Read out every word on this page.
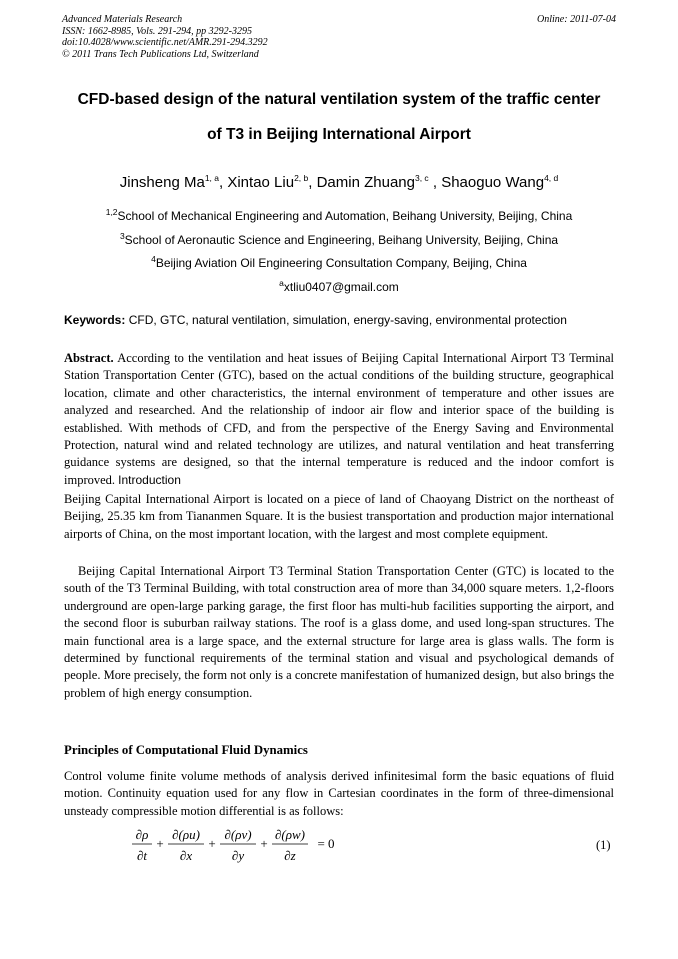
Advanced Materials Research
ISSN: 1662-8985, Vols. 291-294, pp 3292-3295
doi:10.4028/www.scientific.net/AMR.291-294.3292
© 2011 Trans Tech Publications Ltd, Switzerland
Online: 2011-07-04
CFD-based design of the natural ventilation system of the traffic center
of T3 in Beijing International Airport
Jinsheng Ma$^{1, a}$, Xintao Liu$^{2, b}$, Damin Zhuang$^{3, c}$ , Shaoguo Wang$^{4, d}$
$^{1,2}$School of Mechanical Engineering and Automation, Beihang University, Beijing, China
$^3$School of Aeronautic Science and Engineering, Beihang University, Beijing, China
$^4$Beijing Aviation Oil Engineering Consultation Company, Beijing, China
$^a$xtliu0407@gmail.com
Keywords: CFD, GTC, natural ventilation, simulation, energy-saving, environmental protection
Abstract. According to the ventilation and heat issues of Beijing Capital International Airport T3 Terminal Station Transportation Center (GTC), based on the actual conditions of the building structure, geographical location, climate and other characteristics, the internal environment of temperature and other issues are analyzed and researched. And the relationship of indoor air flow and interior space of the building is established. With methods of CFD, and from the perspective of the Energy Saving and Environmental Protection, natural wind and related technology are utilizes, and natural ventilation and heat transferring guidance systems are designed, so that the internal temperature is reduced and the indoor comfort is improved. Introduction
Beijing Capital International Airport is located on a piece of land of Chaoyang District on the northeast of Beijing, 25.35 km from Tiananmen Square. It is the busiest transportation and production major international airports of China, on the most important location, with the largest and most complete equipment.
Beijing Capital International Airport T3 Terminal Station Transportation Center (GTC) is located to the south of the T3 Terminal Building, with total construction area of more than 34,000 square meters. 1,2-floors underground are open-large parking garage, the first floor has multi-hub facilities supporting the airport, and the second floor is suburban railway stations. The roof is a glass dome, and used long-span structures. The main functional area is a large space, and the external structure for large area is glass walls. The form is determined by functional requirements of the terminal station and visual and psychological demands of people. More precisely, the form not only is a concrete manifestation of humanized design, but also brings the problem of high energy consumption.
Principles of Computational Fluid Dynamics
Control volume finite volume methods of analysis derived infinitesimal form the basic equations of fluid motion. Continuity equation used for any flow in Cartesian coordinates in the form of three-dimensional unsteady compressible motion differential is as follows:
∂ρ
∂t
+
∂(ρu)
∂x
+
∂(ρv)
∂y
+
∂(ρw)
∂z
= 0	(1)
